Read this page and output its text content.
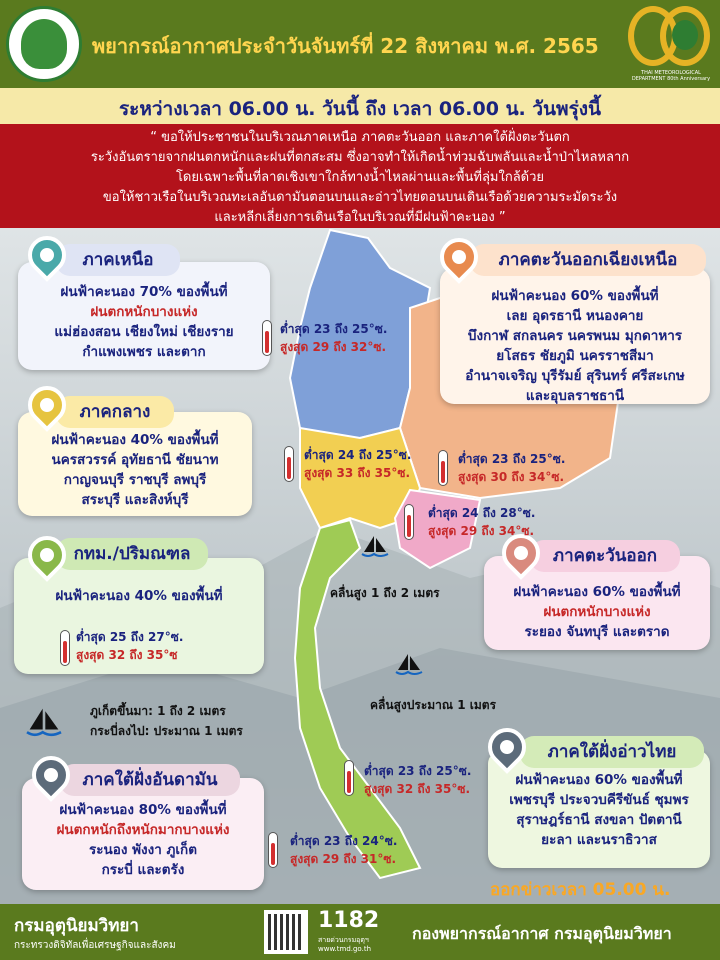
พยากรณ์อากาศประจำวันจันทร์ที่ 22 สิงหาคม พ.ศ. 2565
THAI METEOROLOGICAL DEPARTMENT 80th Anniversary
ระหว่างเวลา 06.00 น. วันนี้ ถึง เวลา 06.00 น. วันพรุ่งนี้
“ ขอให้ประชาชนในบริเวณภาคเหนือ ภาคตะวันออก และภาคใต้ฝั่งตะวันตก
ระวังอันตรายจากฝนตกหนักและฝนที่ตกสะสม ซึ่งอาจทำให้เกิดน้ำท่วมฉับพลันและน้ำป่าไหลหลาก
โดยเฉพาะพื้นที่ลาดเชิงเขาใกล้ทางน้ำไหลผ่านและพื้นที่ลุ่มใกล้ด้วย
ขอให้ชาวเรือในบริเวณทะเลอันดามันตอนบนและอ่าวไทยตอนบนเดินเรือด้วยความระมัดระวัง
และหลีกเลี่ยงการเดินเรือในบริเวณที่มีฝนฟ้าคะนอง ”
ฝนฟ้าคะนอง 70% ของพื้นที่
ฝนตกหนักบางแห่ง
แม่ฮ่องสอน เชียงใหม่ เชียงราย
กำแพงเพชร และตาก
ภาคเหนือ
ฝนฟ้าคะนอง 60% ของพื้นที่
เลย อุดรธานี หนองคาย
บึงกาฬ สกลนคร นครพนม มุกดาหาร
ยโสธร ชัยภูมิ นครราชสีมา
อำนาจเจริญ บุรีรัมย์ สุรินทร์ ศรีสะเกษ
และอุบลราชธานี
ภาคตะวันออกเฉียงเหนือ
ฝนฟ้าคะนอง 40% ของพื้นที่
นครสวรรค์ อุทัยธานี ชัยนาท
กาญจนบุรี ราชบุรี ลพบุรี
สระบุรี และสิงห์บุรี
ภาคกลาง
ฝนฟ้าคะนอง 40% ของพื้นที่
กทม./ปริมณฑล
ต่ำสุด 25 ถึง 27°ซ.
สูงสุด 32 ถึง 35°ซ
ฝนฟ้าคะนอง 60% ของพื้นที่
ฝนตกหนักบางแห่ง
ระยอง จันทบุรี และตราด
ภาคตะวันออก
ฝนฟ้าคะนอง 60% ของพื้นที่
เพชรบุรี ประจวบคีรีขันธ์ ชุมพร
สุราษฎร์ธานี สงขลา ปัตตานี
ยะลา และนราธิวาส
ภาคใต้ฝั่งอ่าวไทย
ฝนฟ้าคะนอง 80% ของพื้นที่
ฝนตกหนักถึงหนักมากบางแห่ง
ระนอง พังงา ภูเก็ต
กระบี่ และตรัง
ภาคใต้ฝั่งอันดามัน
ต่ำสุด 23 ถึง 25°ซ.
สูงสุด 29 ถึง 32°ซ.
ต่ำสุด 24 ถึง 25°ซ.
สูงสุด 33 ถึง 35°ซ.
ต่ำสุด 23 ถึง 25°ซ.
สูงสุด 30 ถึง 34°ซ.
ต่ำสุด 24 ถึง 28°ซ.
สูงสุด 29 ถึง 34°ซ.
ต่ำสุด 23 ถึง 25°ซ.
สูงสุด 32 ถึง 35°ซ.
ต่ำสุด 23 ถึง 24°ซ.
สูงสุด 29 ถึง 31°ซ.
คลื่นสูง 1 ถึง 2 เมตร
คลื่นสูงประมาณ 1 เมตร
ภูเก็ตขึ้นมา: 1 ถึง 2 เมตร
กระบี่ลงไป: ประมาณ 1 เมตร
ออกข่าวเวลา 05.00 น.
กรมอุตุนิยมวิทยา
กระทรวงดิจิทัลเพื่อเศรษฐกิจและสังคม
1182
สายด่วนกรมอุตุฯ
www.tmd.go.th
กองพยากรณ์อากาศ กรมอุตุนิยมวิทยา
